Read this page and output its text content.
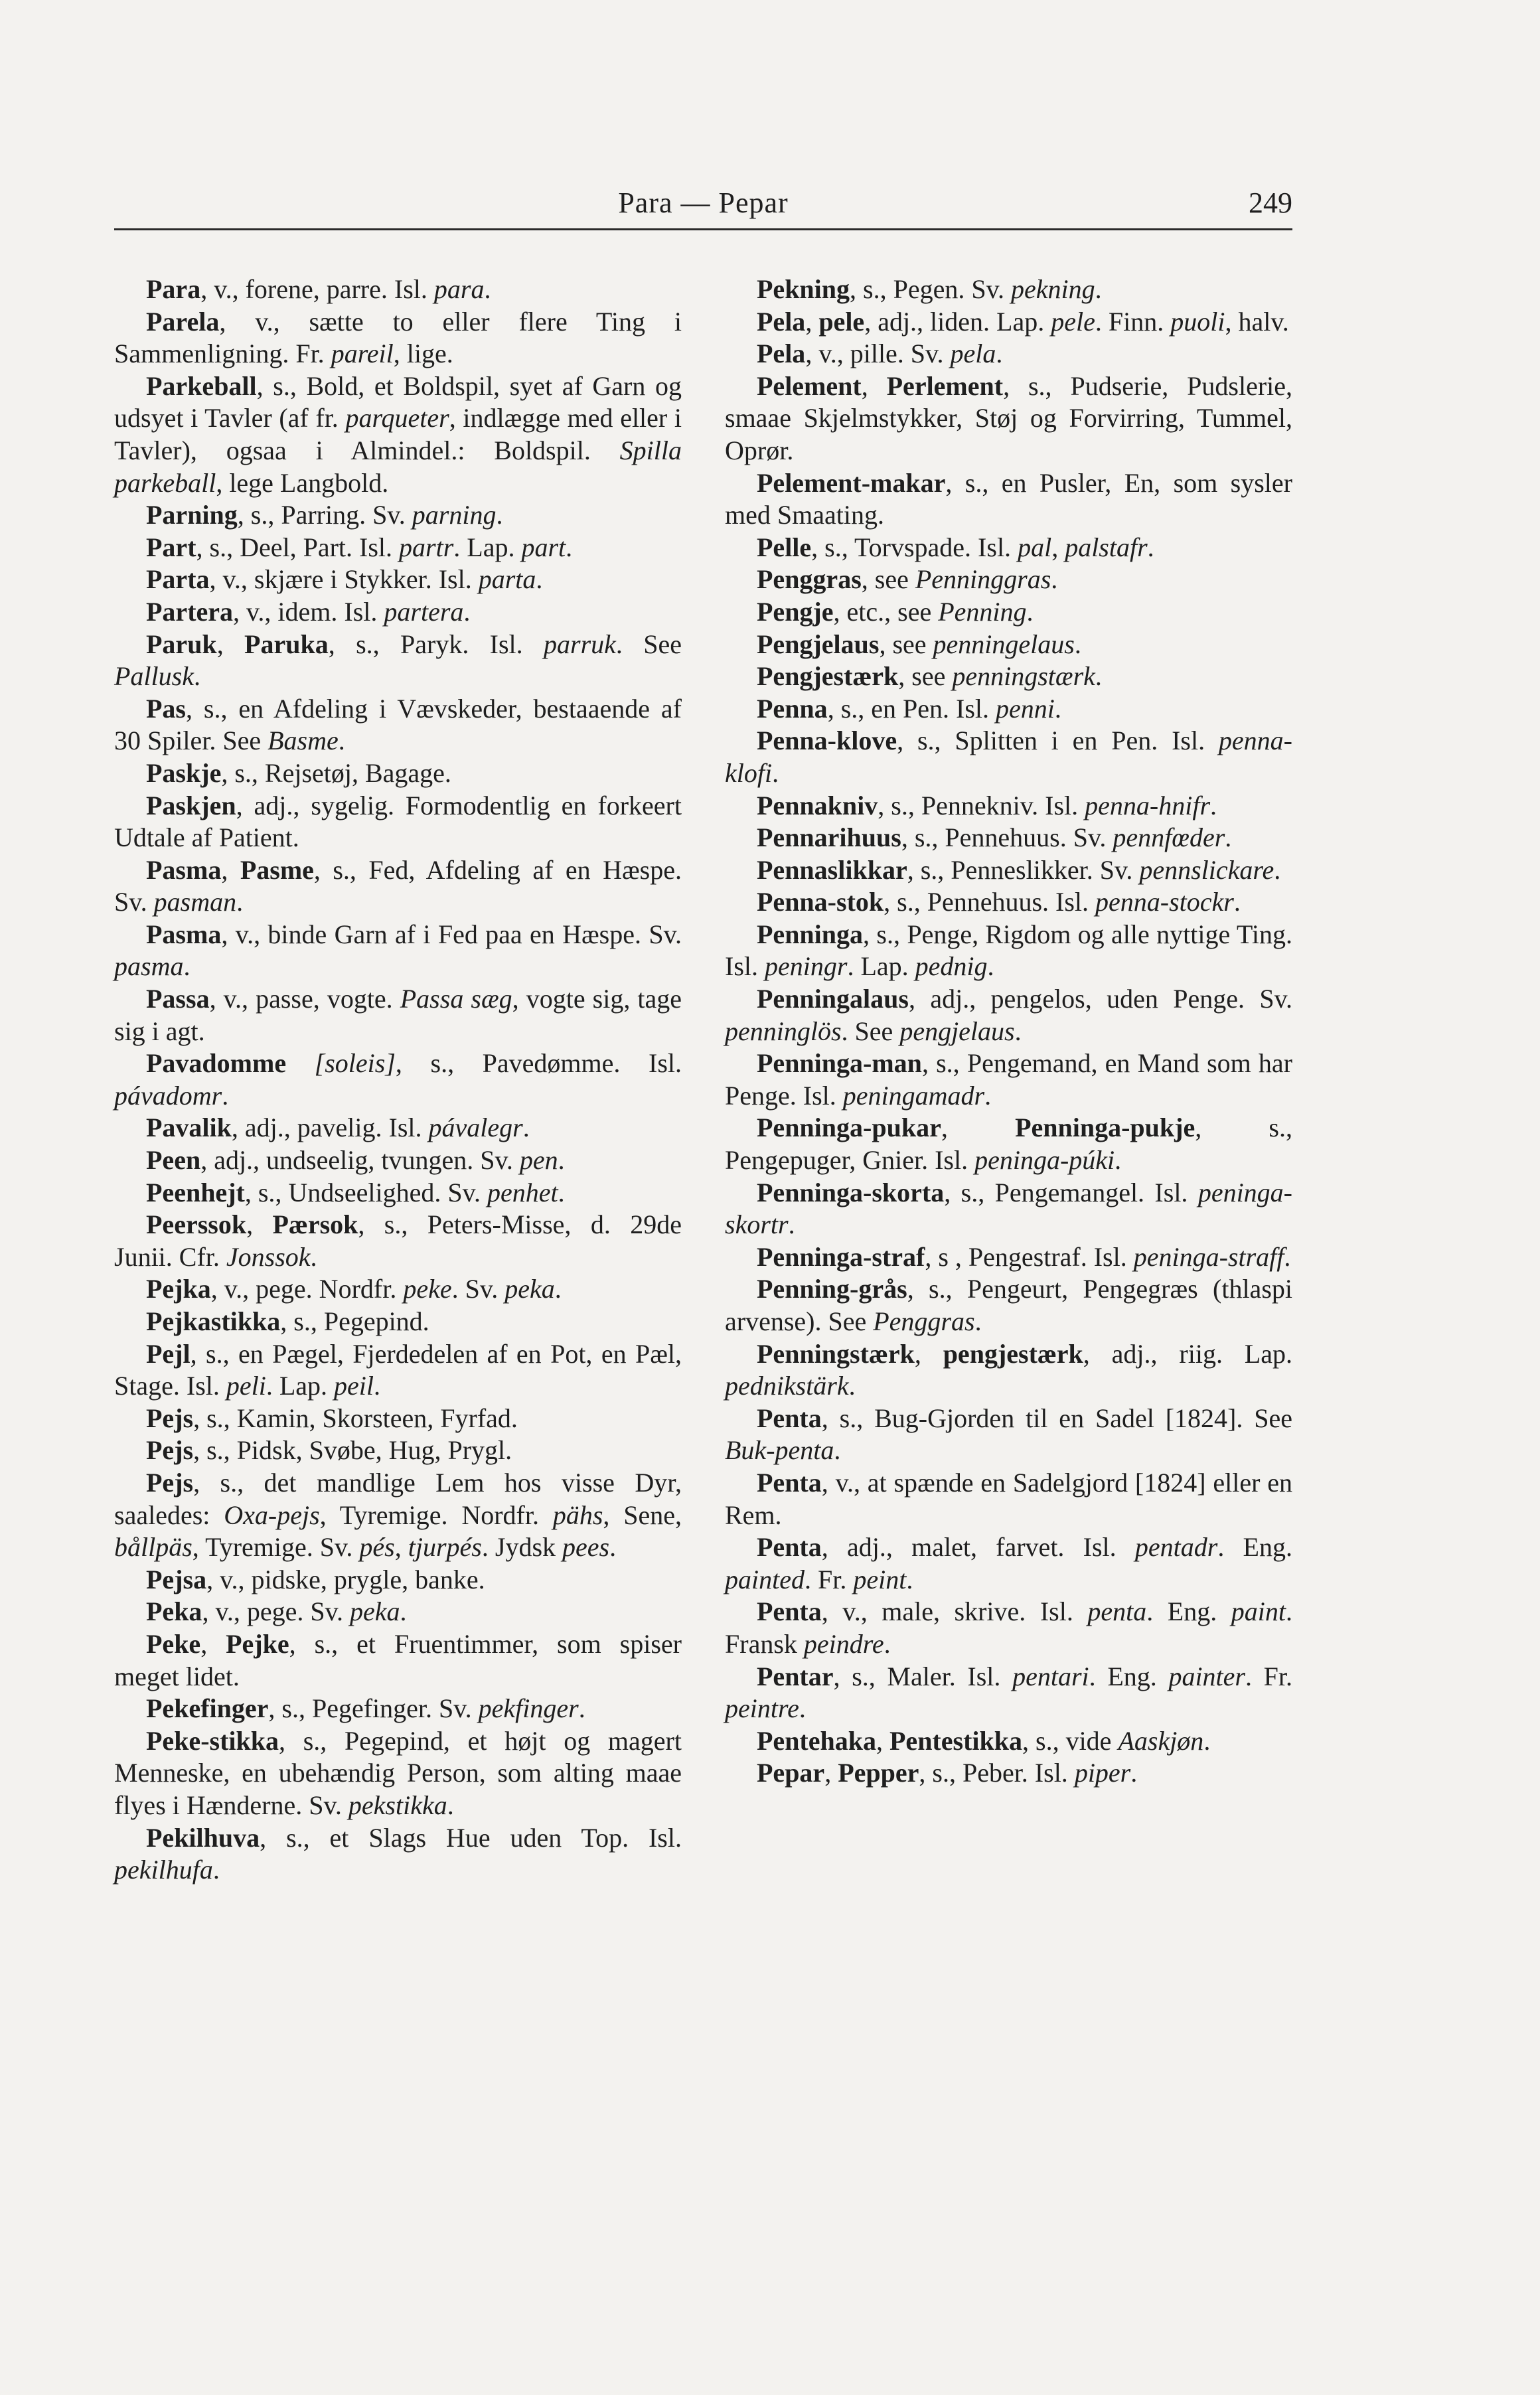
Para — Pepar	249

Para, v., forene, parre. Isl. para.

Parela, v., sætte to eller flere Ting i Sammenligning. Fr. pareil, lige.

Parkeball, s., Bold, et Boldspil, syet af Garn og udsyet i Tavler (af fr. parqueter, indlægge med eller i Tavler), ogsaa i Almindel.: Boldspil. Spilla parkeball, lege Langbold.

Parning, s., Parring. Sv. parning.

Part, s., Deel, Part. Isl. partr. Lap. part.

Parta, v., skjære i Stykker. Isl. parta.

Partera, v., idem. Isl. partera.

Paruk, Paruka, s., Paryk. Isl. parruk. See Pallusk.

Pas, s., en Afdeling i Vævskeder, bestaaende af 30 Spiler. See Basme.

Paskje, s., Rejsetøj, Bagage.

Paskjen, adj., sygelig. Formodentlig en forkeert Udtale af Patient.

Pasma, Pasme, s., Fed, Afdeling af en Hæspe. Sv. pasman.

Pasma, v., binde Garn af i Fed paa en Hæspe. Sv. pasma.

Passa, v., passe, vogte. Passa sæg, vogte sig, tage sig i agt.

Pavadomme [soleis], s., Pavedømme. Isl. pávadomr.

Pavalik, adj., pavelig. Isl. pávalegr.

Peen, adj., undseelig, tvungen. Sv. pen.

Peenhejt, s., Undseelighed. Sv. penhet.

Peerssok, Pærsok, s., Peters-Misse, d. 29de Junii. Cfr. Jonssok.

Pejka, v., pege. Nordfr. peke. Sv. peka.

Pejkastikka, s., Pegepind.

Pejl, s., en Pægel, Fjerdedelen af en Pot, en Pæl, Stage. Isl. peli. Lap. peil.

Pejs, s., Kamin, Skorsteen, Fyrfad.

Pejs, s., Pidsk, Svøbe, Hug, Prygl.

Pejs, s., det mandlige Lem hos visse Dyr, saaledes: Oxa-pejs, Tyremige. Nordfr. pähs, Sene, bållpäs, Tyremige. Sv. pés, tjurpés. Jydsk pees.

Pejsa, v., pidske, prygle, banke.

Peka, v., pege. Sv. peka.

Peke, Pejke, s., et Fruentimmer, som spiser meget lidet.

Pekefinger, s., Pegefinger. Sv. pekfinger.

Peke-stikka, s., Pegepind, et højt og magert Menneske, en ubehændig Person, som alting maae flyes i Hænderne. Sv. pekstikka.

Pekilhuva, s., et Slags Hue uden Top. Isl. pekilhufa.

Pekning, s., Pegen. Sv. pekning.

Pela, pele, adj., liden. Lap. pele. Finn. puoli, halv.

Pela, v., pille. Sv. pela.

Pelement, Perlement, s., Pudserie, Pudslerie, smaae Skjelmstykker, Støj og Forvirring, Tummel, Oprør.

Pelement-makar, s., en Pusler, En, som sysler med Smaating.

Pelle, s., Torvspade. Isl. pal, palstafr.

Penggras, see Penninggras.

Pengje, etc., see Penning.

Pengjelaus, see penningelaus.

Pengjestærk, see penningstærk.

Penna, s., en Pen. Isl. penni.

Penna-klove, s., Splitten i en Pen. Isl. penna-klofi.

Pennakniv, s., Pennekniv. Isl. penna-hnifr.

Pennarihuus, s., Pennehuus. Sv. pennfœder.

Pennaslikkar, s., Penneslikker. Sv. pennslickare.

Penna-stok, s., Pennehuus. Isl. penna-stockr.

Penninga, s., Penge, Rigdom og alle nyttige Ting. Isl. peningr. Lap. pednig.

Penningalaus, adj., pengelos, uden Penge. Sv. penninglös. See pengjelaus.

Penninga-man, s., Pengemand, en Mand som har Penge. Isl. peningamadr.

Penninga-pukar, Penninga-pukje, s., Pengepuger, Gnier. Isl. peninga-púki.

Penninga-skorta, s., Pengemangel. Isl. peninga-skortr.

Penninga-straf, s , Pengestraf. Isl. peninga-straff.

Penning-grås, s., Pengeurt, Pengegræs (thlaspi arvense). See Penggras.

Penningstærk, pengjestærk, adj., riig. Lap. pednikstärk.

Penta, s., Bug-Gjorden til en Sadel [1824]. See Buk-penta.

Penta, v., at spænde en Sadelgjord [1824] eller en Rem.

Penta, adj., malet, farvet. Isl. pentadr. Eng. painted. Fr. peint.

Penta, v., male, skrive. Isl. penta. Eng. paint. Fransk peindre.

Pentar, s., Maler. Isl. pentari. Eng. painter. Fr. peintre.

Pentehaka, Pentestikka, s., vide Aaskjøn.

Pepar, Pepper, s., Peber. Isl. piper.
